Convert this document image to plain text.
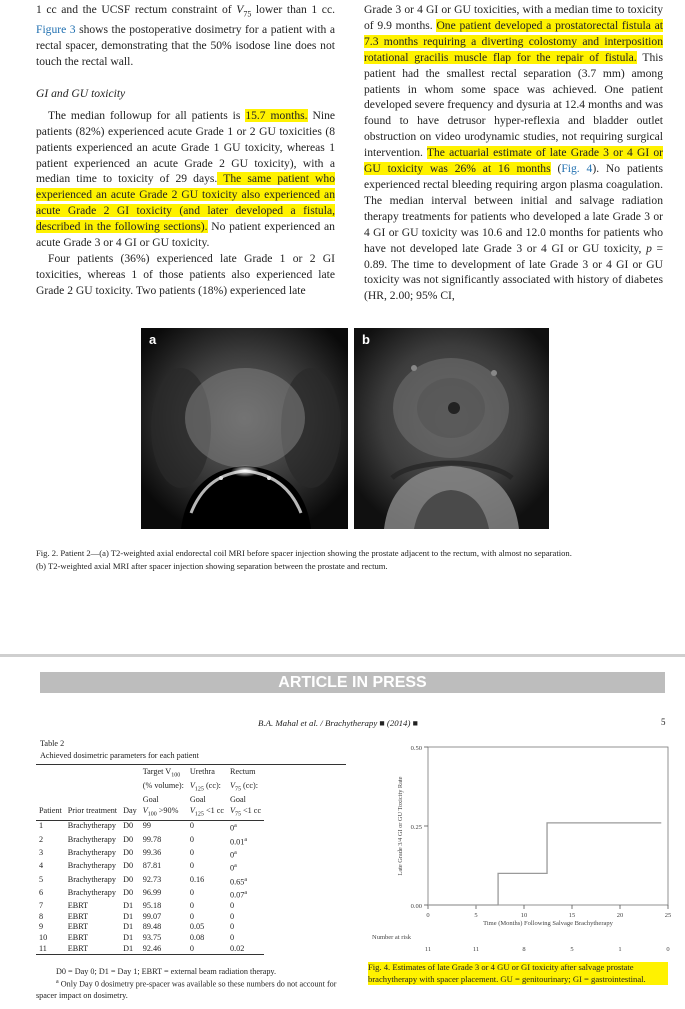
1 cc and the UCSF rectum constraint of $V_{75}$ lower than 1 cc. Figure 3 shows the postoperative dosimetry for a patient with a rectal spacer, demonstrating that the 50% isodose line does not touch the rectal wall.

GI and GU toxicity

The median followup for all patients is 15.7 months. Nine patients (82%) experienced acute Grade 1 or 2 GU toxicities (8 patients experienced an acute Grade 1 GU toxicity, whereas 1 patient experienced an acute Grade 2 GU toxicity), with a median time to toxicity of 29 days. The same patient who experienced an acute Grade 2 GU toxicity also experienced an acute Grade 2 GI toxicity (and later developed a fistula, described in the following sections). No patient experienced an acute Grade 3 or 4 GI or GU toxicity.

Four patients (36%) experienced late Grade 1 or 2 GI toxicities, whereas 1 of those patients also experienced late Grade 2 GU toxicity. Two patients (18%) experienced late

Grade 3 or 4 GI or GU toxicities, with a median time to toxicity of 9.9 months. One patient developed a prostatorectal fistula at 7.3 months requiring a diverting colostomy and interposition rotational gracilis muscle flap for the repair of fistula. This patient had the smallest rectal separation (3.7 mm) among patients in whom some space was achieved. One patient developed severe frequency and dysuria at 12.4 months and was found to have detrusor hyper-reflexia and bladder outlet obstruction on video urodynamic studies, not requiring surgical intervention. The actuarial estimate of late Grade 3 or 4 GI or GU toxicity was 26% at 16 months (Fig. 4). No patients experienced rectal bleeding requiring argon plasma coagulation. The median interval between initial and salvage radiation therapy treatments for patients who developed a late Grade 3 or 4 GI or GU toxicity was 10.6 and 12.0 months for patients who have not developed late Grade 3 or 4 GI or GU toxicity, p = 0.89. The time to development of late Grade 3 or 4 GI or GU toxicity was not significantly associated with history of diabetes (HR, 2.00; 95% CI,

a	b
Fig. 2. Patient 2—(a) T2-weighted axial endorectal coil MRI before spacer injection showing the prostate adjacent to the rectum, with almost no separation.
(b) T2-weighted axial MRI after spacer injection showing separation between the prostate and rectum.
ARTICLE IN PRESS
B.A. Mahal et al. / Brachytherapy ■ (2014) ■	5
Table 2
Achieved dosimetric parameters for each patient
			Target $V_{100}$	Urethra	Rectum
			(% volume):	$V_{125}$ (cc):	$V_{75}$ (cc):
			Goal	Goal	Goal
Patient	Prior treatment	Day	$V_{100} >90\%$	$V_{125} <1$ cc	$V_{75} <1$ cc
1	Brachytherapy	D0	99	0	0$^a$
2	Brachytherapy	D0	99.78	0	0.01$^a$
3	Brachytherapy	D0	99.36	0	0$^a$
4	Brachytherapy	D0	87.81	0	0$^a$
5	Brachytherapy	D0	92.73	0.16	0.65$^a$
6	Brachytherapy	D0	96.99	0	0.07$^a$
7	EBRT	D1	95.18	0	0
8	EBRT	D1	99.07	0	0
9	EBRT	D1	89.48	0.05	0
10	EBRT	D1	93.75	0.08	0
11	EBRT	D1	92.46	0	0.02
D0 = Day 0; D1 = Day 1; EBRT = external beam radiation therapy.
$^a$ Only Day 0 dosimetry pre-spacer was available so these numbers do not account for spacer impact on dosimetry.
0.00
0.25
0.50
0	5	10	15	20	25
Time (Months) Following Salvage Brachytherapy
Late Grade 3/4 GI or GU Toxicity Rate
Number at risk
11	11	8	5	1	0
Fig. 4. Estimates of late Grade 3 or 4 GU or GI toxicity after salvage prostate brachytherapy with spacer placement. GU = genitourinary; GI = gastrointestinal.
